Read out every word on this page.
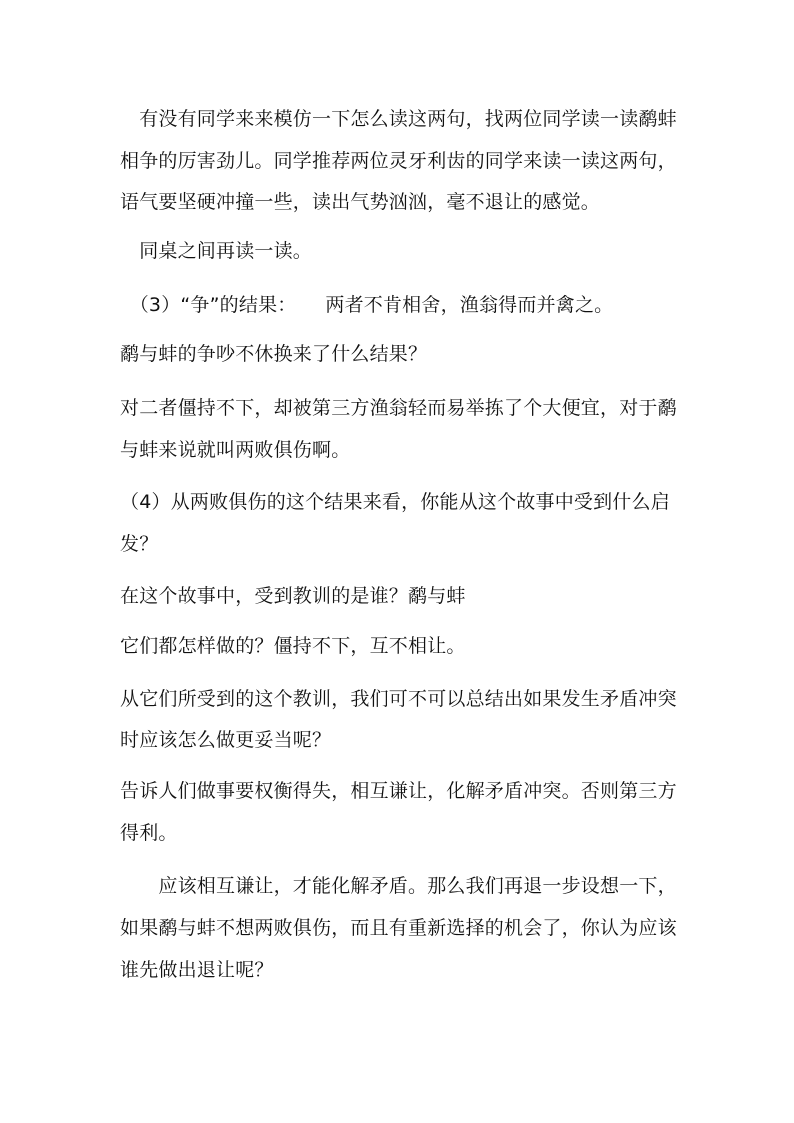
　有没有同学来来模仿一下怎么读这两句，找两位同学读一读鹬蚌
相争的厉害劲儿。同学推荐两位灵牙利齿的同学来读一读这两句，
语气要坚硬冲撞一些，读出气势汹汹，毫不退让的感觉。
　同桌之间再读一读。
　（3）“争”的结果：　　两者不肯相舍，渔翁得而并禽之。
鹬与蚌的争吵不休换来了什么结果？
对二者僵持不下，却被第三方渔翁轻而易举拣了个大便宜，对于鹬
与蚌来说就叫两败俱伤啊。
（4）从两败俱伤的这个结果来看，你能从这个故事中受到什么启
发？
在这个故事中，受到教训的是谁？鹬与蚌
它们都怎样做的？僵持不下，互不相让。
从它们所受到的这个教训，我们可不可以总结出如果发生矛盾冲突
时应该怎么做更妥当呢？
告诉人们做事要权衡得失，相互谦让，化解矛盾冲突。否则第三方
得利。
　　应该相互谦让，才能化解矛盾。那么我们再退一步设想一下，
如果鹬与蚌不想两败俱伤，而且有重新选择的机会了，你认为应该
谁先做出退让呢？
